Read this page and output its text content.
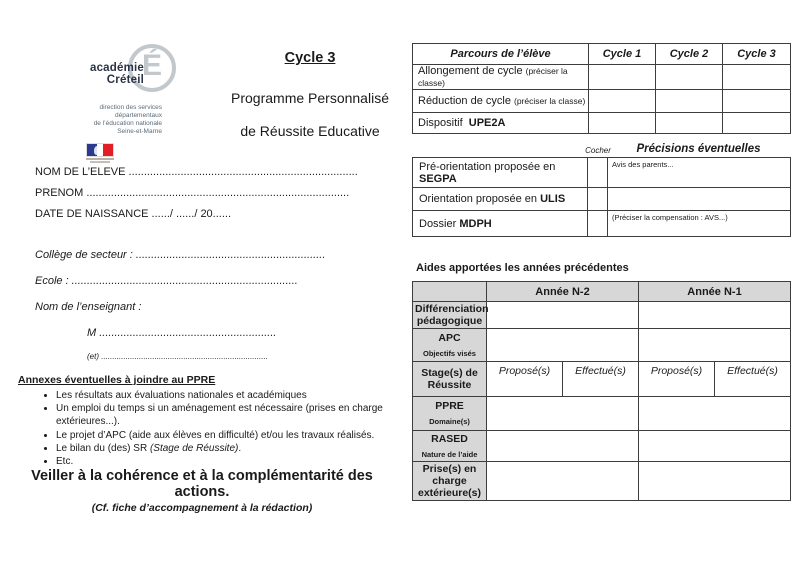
É
académie
Créteil
direction des services
départementaux
de l’éducation nationale
Seine-et-Marne
Cycle 3
Programme Personnalisé
de Réussite Educative
NOM DE L’ELEVE ...........................................................................
PRENOM ......................................................................................
DATE DE NAISSANCE ....../ ....../ 20......
Collège de secteur : ..............................................................
Ecole : ..........................................................................
Nom de l’enseignant :
M ..........................................................
(et) ...........................................................................
Annexes éventuelles à joindre au PPRE
• Les résultats aux évaluations nationales et académiques
• Un emploi du temps si un aménagement est nécessaire (prises en charge extérieures...).
• Le projet d’APC (aide aux élèves en difficulté) et/ou les travaux réalisés.
• Le bilan du (des) SR (Stage de Réussite).
• Etc.
Veiller à la cohérence et à la complémentarité des actions.
(Cf. fiche d’accompagnement à la rédaction)
Parcours de l’élève	Cycle 1	Cycle 2	Cycle 3
Allongement de cycle (préciser la classe)			
Réduction de cycle (préciser la classe)			
Dispositif  UPE2A			
Cocher	Précisions éventuelles
Pré-orientation proposée en SEGPA		Avis des parents...
Orientation proposée en ULIS		
Dossier MDPH		(Préciser la compensation : AVS...)
Aides apportées les années précédentes
	Année N-2		Année N-1	
Différenciation pédagogique				
APC
Objectifs visés				

Stage(s) de Réussite	Proposé(s)	Effectué(s)	Proposé(s)	Effectué(s)
PPRE
Domaine(s)				

RASED
Nature de l’aide				

Prise(s) en charge extérieure(s)				
